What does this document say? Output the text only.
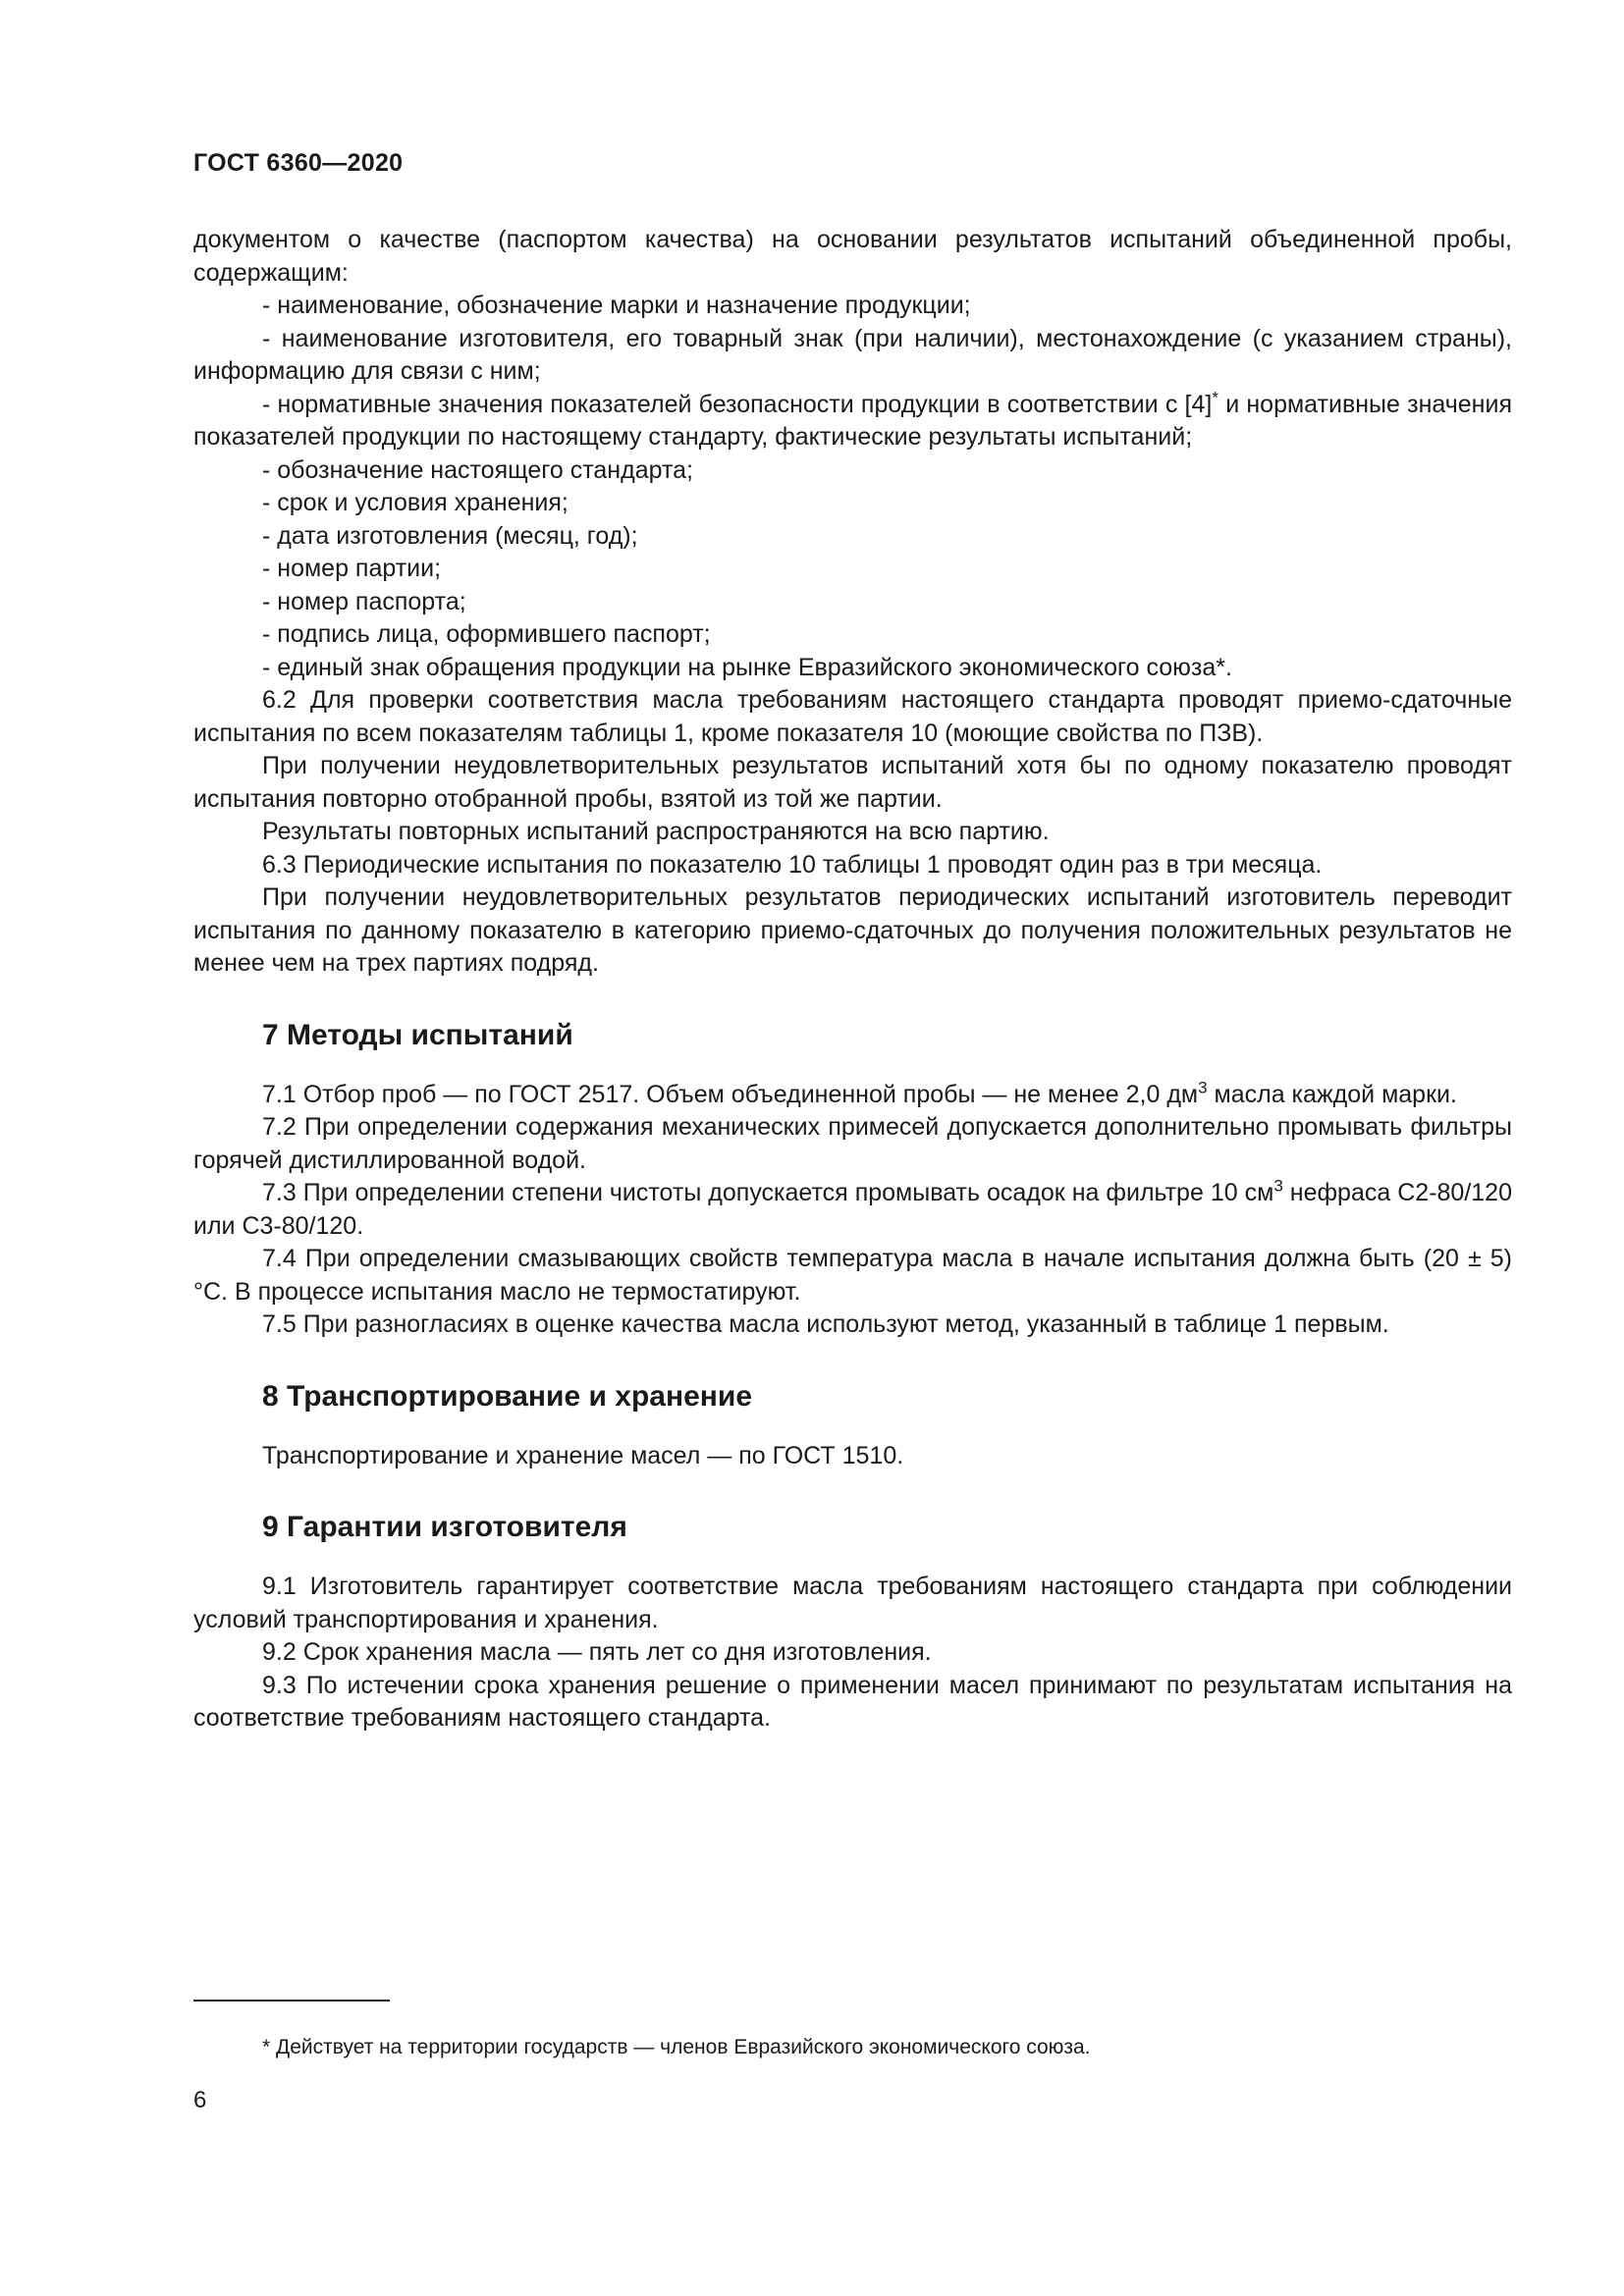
ГОСТ 6360—2020

документом о качестве (паспортом качества) на основании результатов испытаний объединенной пробы, содержащим:

- наименование, обозначение марки и назначение продукции;

- наименование изготовителя, его товарный знак (при наличии), местонахождение (с указанием страны), информацию для связи с ним;

- нормативные значения показателей безопасности продукции в соответствии с [4]* и нормативные значения показателей продукции по настоящему стандарту, фактические результаты испытаний;

- обозначение настоящего стандарта;

- срок и условия хранения;

- дата изготовления (месяц, год);

- номер партии;

- номер паспорта;

- подпись лица, оформившего паспорт;

- единый знак обращения продукции на рынке Евразийского экономического союза*.

6.2 Для проверки соответствия масла требованиям настоящего стандарта проводят приемо-сдаточные испытания по всем показателям таблицы 1, кроме показателя 10 (моющие свойства по ПЗВ).

При получении неудовлетворительных результатов испытаний хотя бы по одному показателю проводят испытания повторно отобранной пробы, взятой из той же партии.

Результаты повторных испытаний распространяются на всю партию.

6.3 Периодические испытания по показателю 10 таблицы 1 проводят один раз в три месяца.

При получении неудовлетворительных результатов периодических испытаний изготовитель переводит испытания по данному показателю в категорию приемо-сдаточных до получения положительных результатов не менее чем на трех партиях подряд.

7 Методы испытаний

7.1 Отбор проб — по ГОСТ 2517. Объем объединенной пробы — не менее 2,0 $дм^3$ масла каждой марки.

7.2 При определении содержания механических примесей допускается дополнительно промывать фильтры горячей дистиллированной водой.

7.3 При определении степени чистоты допускается промывать осадок на фильтре 10 $см^3$ нефраса С2-80/120 или С3-80/120.

7.4 При определении смазывающих свойств температура масла в начале испытания должна быть (20 ± 5) °С. В процессе испытания масло не термостатируют.

7.5 При разногласиях в оценке качества масла используют метод, указанный в таблице 1 первым.

8 Транспортирование и хранение

Транспортирование и хранение масел — по ГОСТ 1510.

9 Гарантии изготовителя

9.1 Изготовитель гарантирует соответствие масла требованиям настоящего стандарта при соблюдении условий транспортирования и хранения.

9.2 Срок хранения масла — пять лет со дня изготовления.

9.3 По истечении срока хранения решение о применении масел принимают по результатам испытания на соответствие требованиям настоящего стандарта.

* Действует на территории государств — членов Евразийского экономического союза.
6
